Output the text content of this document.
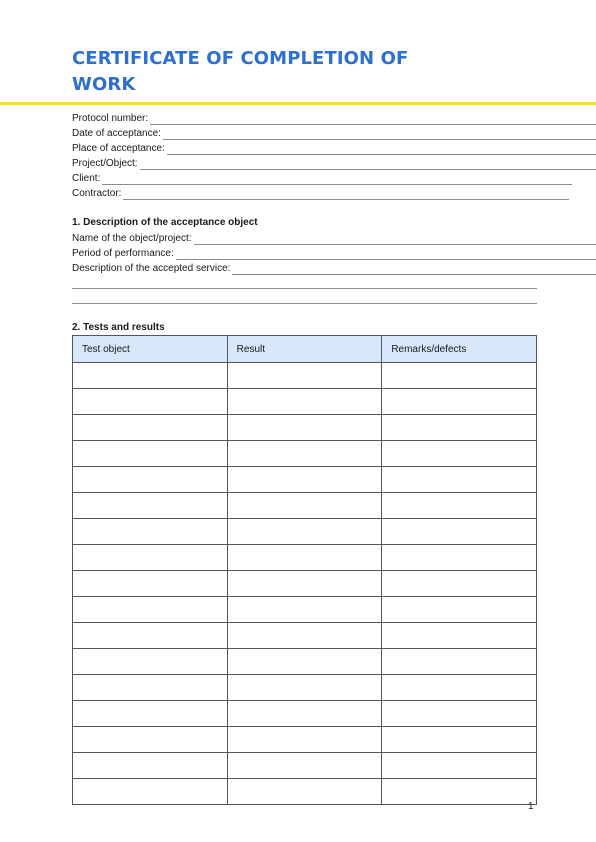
CERTIFICATE OF COMPLETION OF WORK
Protocol number:
Date of acceptance:
Place of acceptance:
Project/Object:
Client:
Contractor:
1. Description of the acceptance object
Name of the object/project:
Period of performance:
Description of the accepted service:
2. Tests and results
Test object	Result	Remarks/defects

1
